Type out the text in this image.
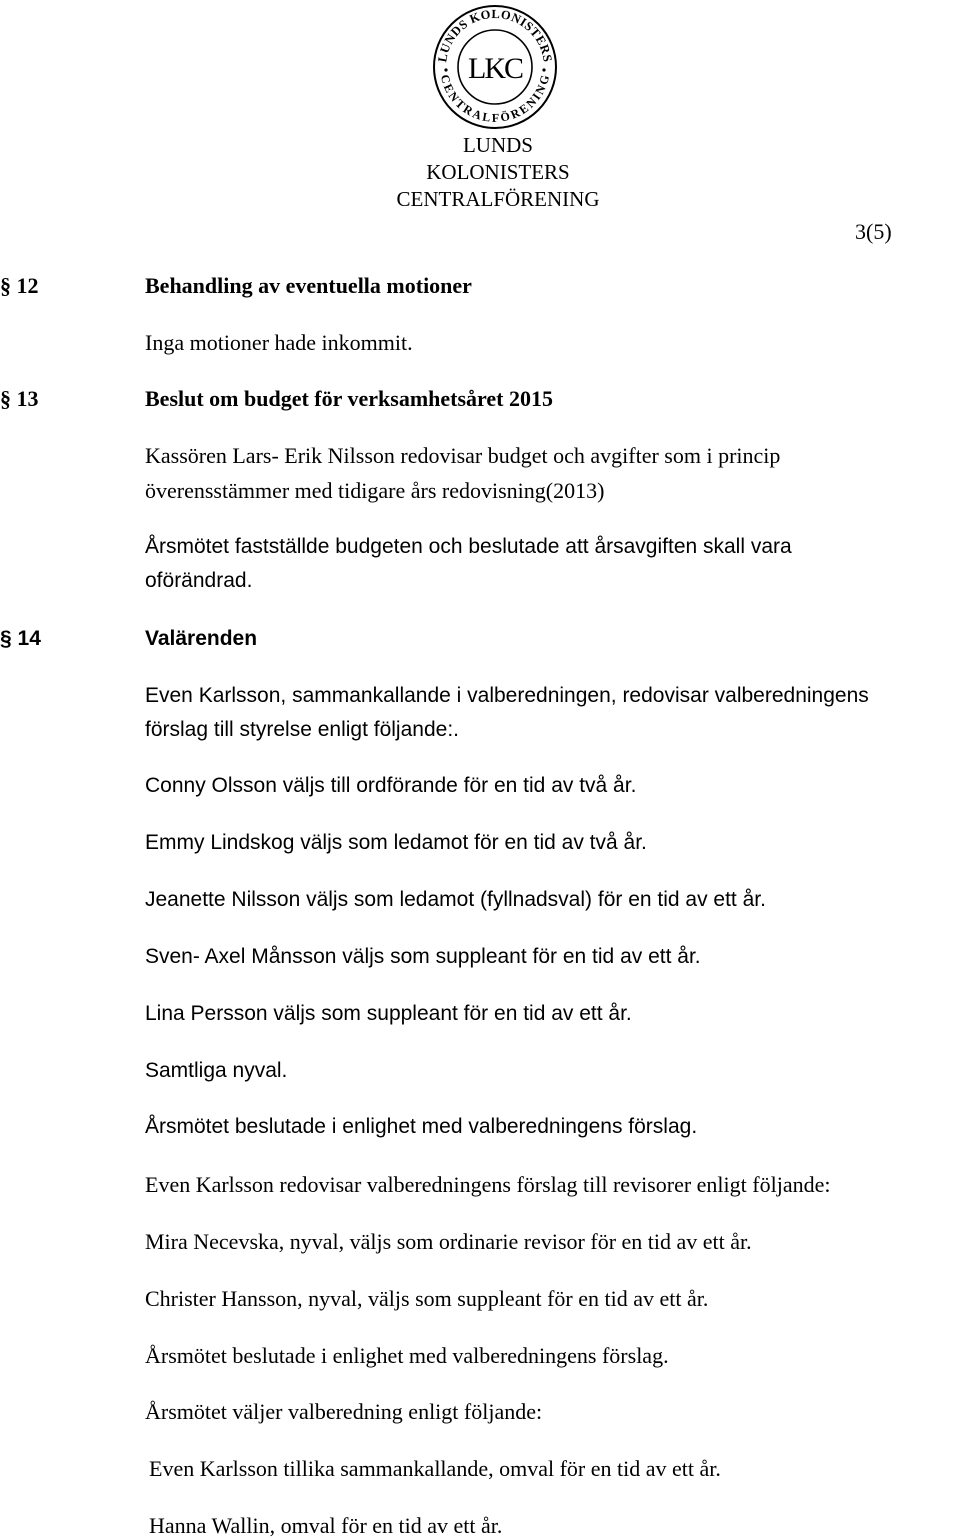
LUNDS KOLONISTERS
CENTRALFÖRENING
LKC
LUNDS
KOLONISTERS
CENTRALFÖRENING
3(5)
§ 12	Behandling av eventuella motioner
Inga motioner hade inkommit.
§ 13	Beslut om budget för verksamhetsåret 2015
Kassören Lars- Erik Nilsson redovisar budget och avgifter som i princip
överensstämmer med tidigare års redovisning(2013)
Årsmötet fastställde budgeten och beslutade att årsavgiften skall vara
oförändrad.
§ 14	Valärenden
Even Karlsson, sammankallande i valberedningen, redovisar valberedningens
förslag till styrelse enligt följande:.
Conny Olsson väljs till ordförande för en tid av två år.
Emmy Lindskog väljs som ledamot för en tid av två år.
Jeanette Nilsson väljs som ledamot (fyllnadsval) för en tid av ett år.
Sven- Axel Månsson väljs som suppleant för en tid av ett år.
Lina Persson väljs som suppleant för en tid av ett år.
Samtliga nyval.
Årsmötet beslutade i enlighet med valberedningens förslag.
Even Karlsson redovisar valberedningens förslag till revisorer enligt följande:
Mira Necevska, nyval, väljs som ordinarie revisor för en tid av ett år.
Christer Hansson, nyval, väljs som suppleant för en tid av ett år.
Årsmötet beslutade i enlighet med valberedningens förslag.
Årsmötet väljer valberedning enligt följande:
Even Karlsson tillika sammankallande, omval för en tid av ett år.
Hanna Wallin, omval för en tid av ett år.
